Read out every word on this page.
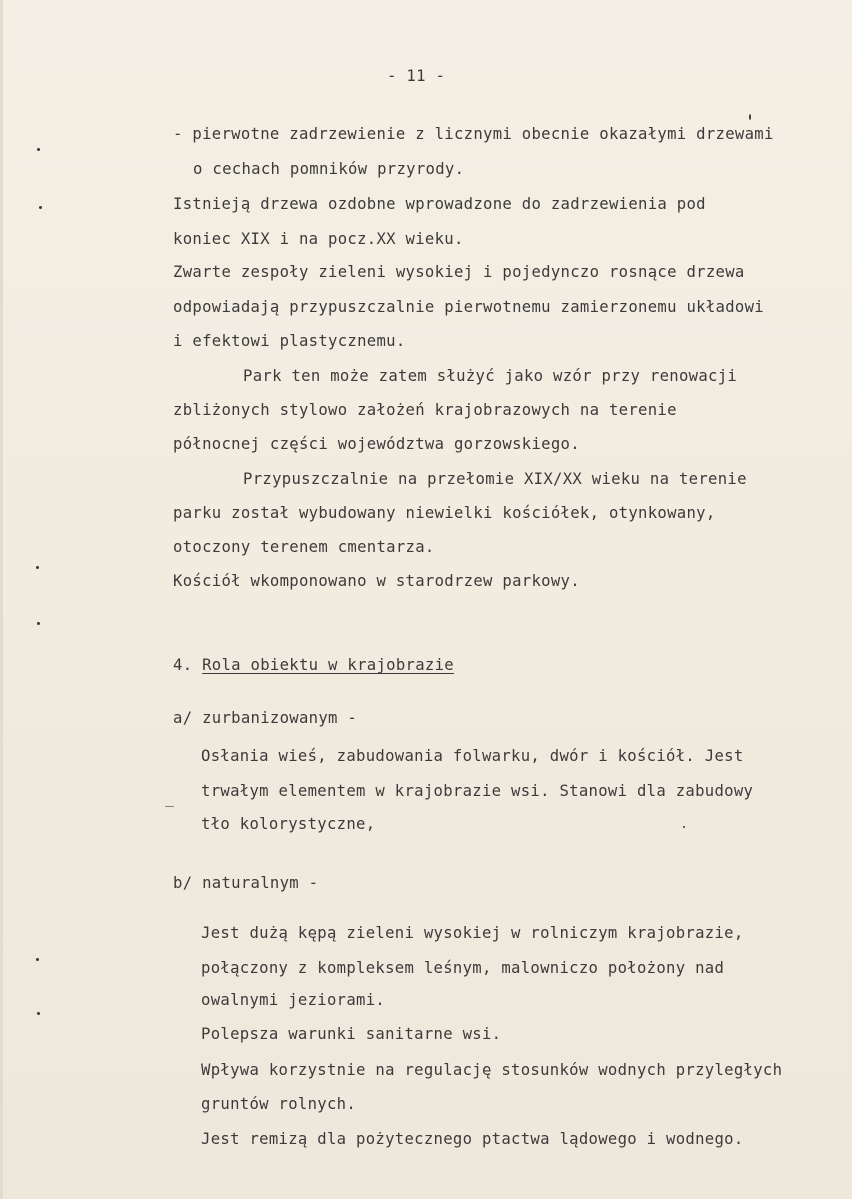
- 11 -
- pierwotne zadrzewienie z licznymi obecnie okazałymi drzewami
o cechach pomników przyrody.
Istnieją drzewa ozdobne wprowadzone do zadrzewienia pod
koniec XIX i na pocz.XX wieku.
Zwarte zespoły zieleni wysokiej i pojedynczo rosnące drzewa
odpowiadają przypuszczalnie pierwotnemu zamierzonemu układowi
i efektowi plastycznemu.
Park ten może zatem służyć jako wzór przy renowacji
zbliżonych stylowo założeń krajobrazowych na terenie
północnej części województwa gorzowskiego.
Przypuszczalnie na przełomie XIX/XX wieku na terenie
parku został wybudowany niewielki kościółek, otynkowany,
otoczony terenem cmentarza.
Kościół wkomponowano w starodrzew parkowy.
4. Rola obiektu w krajobrazie
a/ zurbanizowanym -
Osłania wieś, zabudowania folwarku, dwór i kościół. Jest
trwałym elementem w krajobrazie wsi. Stanowi dla zabudowy
tło kolorystyczne,
b/ naturalnym -
Jest dużą kępą zieleni wysokiej w rolniczym krajobrazie,
połączony z kompleksem leśnym, malowniczo położony nad
owalnymi jeziorami.
Polepsza warunki sanitarne wsi.
Wpływa korzystnie na regulację stosunków wodnych przyległych
gruntów rolnych.
Jest remizą dla pożytecznego ptactwa lądowego i wodnego.
